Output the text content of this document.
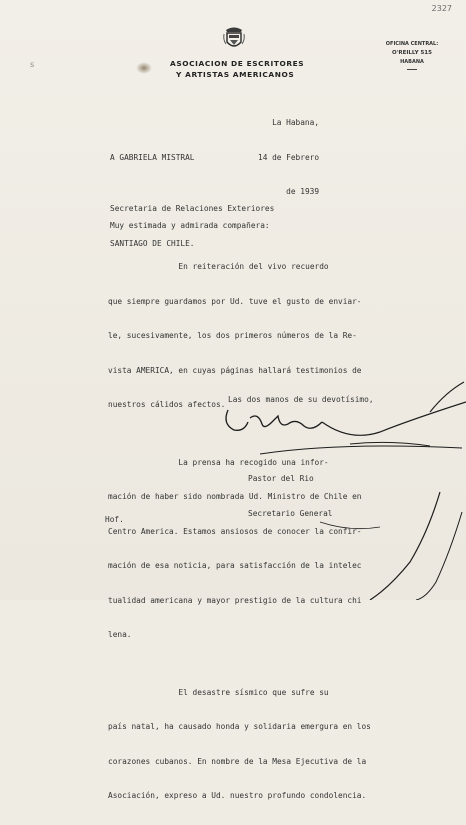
2327
s	ASOCIACION DE ESCRITORES
Y ARTISTAS AMERICANOS
OFICINA CENTRAL:
O'REILLY 515
HABANA

La Habana,

14 de Febrero

de 1939

A GABRIELA MISTRAL

Secretaria de Relaciones Exteriores

SANTIAGO DE CHILE.

Muy estimada y admirada compañera:

En reiteración del vivo recuerdo

que siempre guardamos por Ud. tuve el gusto de enviar-

le, sucesivamente, los dos primeros números de la Re-

vista AMERICA, en cuyas páginas hallará testimonios de

nuestros cálidos afectos.

La prensa ha recogido una infor-

mación de haber sido nombrada Ud. Ministro de Chile en

Centro America. Estamos ansiosos de conocer la confir-

mación de esa noticia, para satisfacción de la intelec

tualidad americana y mayor prestigio de la cultura chi

lena.

El desastre sísmico que sufre su

país natal, ha causado honda y solidaria emergura en los

corazones cubanos. En nombre de la Mesa Ejecutiva de la

Asociación, expreso a Ud. nuestro profundo condolencia.

Las dos manos de su devotísimo,

Pastor del Rio

Secretario General

Hof.
